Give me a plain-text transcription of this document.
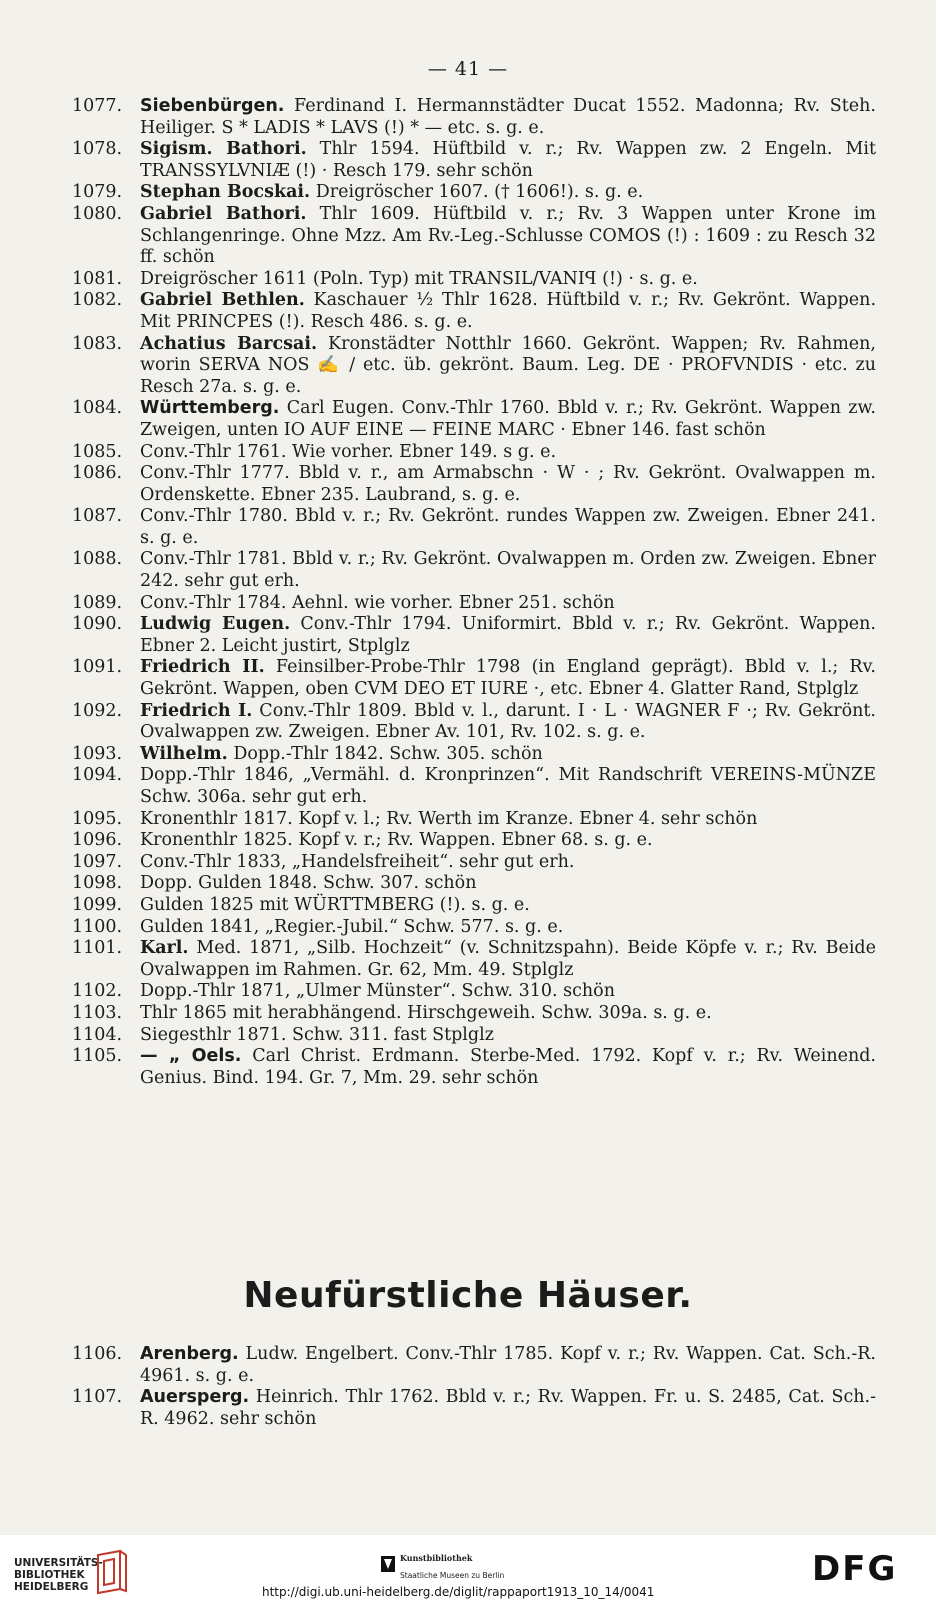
— 41 —
1077.	Siebenbürgen. Ferdinand I. Hermannstädter Ducat 1552. Madonna; Rv. Steh. Heiliger. S * LADIS * LAVS (!) * — etc. s. g. e.
1078.	Sigism. Bathori. Thlr 1594. Hüftbild v. r.; Rv. Wappen zw. 2 Engeln. Mit TRANSSYLVNIÆ (!) · Resch 179. sehr schön
1079.	Stephan Bocskai. Dreigröscher 1607. († 1606!). s. g. e.
1080.	Gabriel Bathori. Thlr 1609. Hüftbild v. r.; Rv. 3 Wappen unter Krone im Schlangenringe. Ohne Mzz. Am Rv.-Leg.-Schlusse COMOS (!) : 1609 : zu Resch 32 ff. schön
1081.	Dreigröscher 1611 (Poln. Typ) mit TRANSIL/VANIꟼ (!) · s. g. e.
1082.	Gabriel Bethlen. Kaschauer ½ Thlr 1628. Hüftbild v. r.; Rv. Gekrönt. Wappen. Mit PRINCPES (!). Resch 486. s. g. e.
1083.	Achatius Barcsai. Kronstädter Notthlr 1660. Gekrönt. Wappen; Rv. Rahmen, worin SERVA NOS ✍ / etc. üb. gekrönt. Baum. Leg. DE · PROFVNDIS · etc. zu Resch 27a. s. g. e.
1084.	Württemberg. Carl Eugen. Conv.-Thlr 1760. Bbld v. r.; Rv. Gekrönt. Wappen zw. Zweigen, unten IO AUF EINE — FEINE MARC · Ebner 146. fast schön
1085.	Conv.-Thlr 1761. Wie vorher. Ebner 149. s g. e.
1086.	Conv.-Thlr 1777. Bbld v. r., am Armabschn · W · ; Rv. Gekrönt. Ovalwappen m. Ordenskette. Ebner 235. Laubrand, s. g. e.
1087.	Conv.-Thlr 1780. Bbld v. r.; Rv. Gekrönt. rundes Wappen zw. Zweigen. Ebner 241. s. g. e.
1088.	Conv.-Thlr 1781. Bbld v. r.; Rv. Gekrönt. Ovalwappen m. Orden zw. Zweigen. Ebner 242. sehr gut erh.
1089.	Conv.-Thlr 1784. Aehnl. wie vorher. Ebner 251. schön
1090.	Ludwig Eugen. Conv.-Thlr 1794. Uniformirt. Bbld v. r.; Rv. Gekrönt. Wappen. Ebner 2. Leicht justirt, Stplglz
1091.	Friedrich II. Feinsilber-Probe-Thlr 1798 (in England geprägt). Bbld v. l.; Rv. Gekrönt. Wappen, oben CVM DEO ET IURE ·, etc. Ebner 4. Glatter Rand, Stplglz
1092.	Friedrich I. Conv.-Thlr 1809. Bbld v. l., darunt. I · L · WAGNER F ·; Rv. Gekrönt. Ovalwappen zw. Zweigen. Ebner Av. 101, Rv. 102. s. g. e.
1093.	Wilhelm. Dopp.-Thlr 1842. Schw. 305. schön
1094.	Dopp.-Thlr 1846, „Vermähl. d. Kronprinzen“. Mit Randschrift VEREINS-MÜNZE Schw. 306a. sehr gut erh.
1095.	Kronenthlr 1817. Kopf v. l.; Rv. Werth im Kranze. Ebner 4. sehr schön
1096.	Kronenthlr 1825. Kopf v. r.; Rv. Wappen. Ebner 68. s. g. e.
1097.	Conv.-Thlr 1833, „Handelsfreiheit“. sehr gut erh.
1098.	Dopp. Gulden 1848. Schw. 307. schön
1099.	Gulden 1825 mit WÜRTTMBERG (!). s. g. e.
1100.	Gulden 1841, „Regier.-Jubil.“ Schw. 577. s. g. e.
1101.	Karl. Med. 1871, „Silb. Hochzeit“ (v. Schnitzspahn). Beide Köpfe v. r.; Rv. Beide Ovalwappen im Rahmen. Gr. 62, Mm. 49. Stplglz
1102.	Dopp.-Thlr 1871, „Ulmer Münster“. Schw. 310. schön
1103.	Thlr 1865 mit herabhängend. Hirschgeweih. Schw. 309a. s. g. e.
1104.	Siegesthlr 1871. Schw. 311. fast Stplglz
1105.	— „ Oels. Carl Christ. Erdmann. Sterbe-Med. 1792. Kopf v. r.; Rv. Weinend. Genius. Bind. 194. Gr. 7, Mm. 29. sehr schön
Neufürstliche Häuser.
1106.	Arenberg. Ludw. Engelbert. Conv.-Thlr 1785. Kopf v. r.; Rv. Wappen. Cat. Sch.-R. 4961. s. g. e.
1107.	Auersperg. Heinrich. Thlr 1762. Bbld v. r.; Rv. Wappen. Fr. u. S. 2485, Cat. Sch.-R. 4962. sehr schön
UNIVERSITÄTS-
BIBLIOTHEK
HEIDELBERG
Kunstbibliothek
Staatliche Museen zu Berlin	DFG
http://digi.ub.uni-heidelberg.de/diglit/rappaport1913_10_14/0041
